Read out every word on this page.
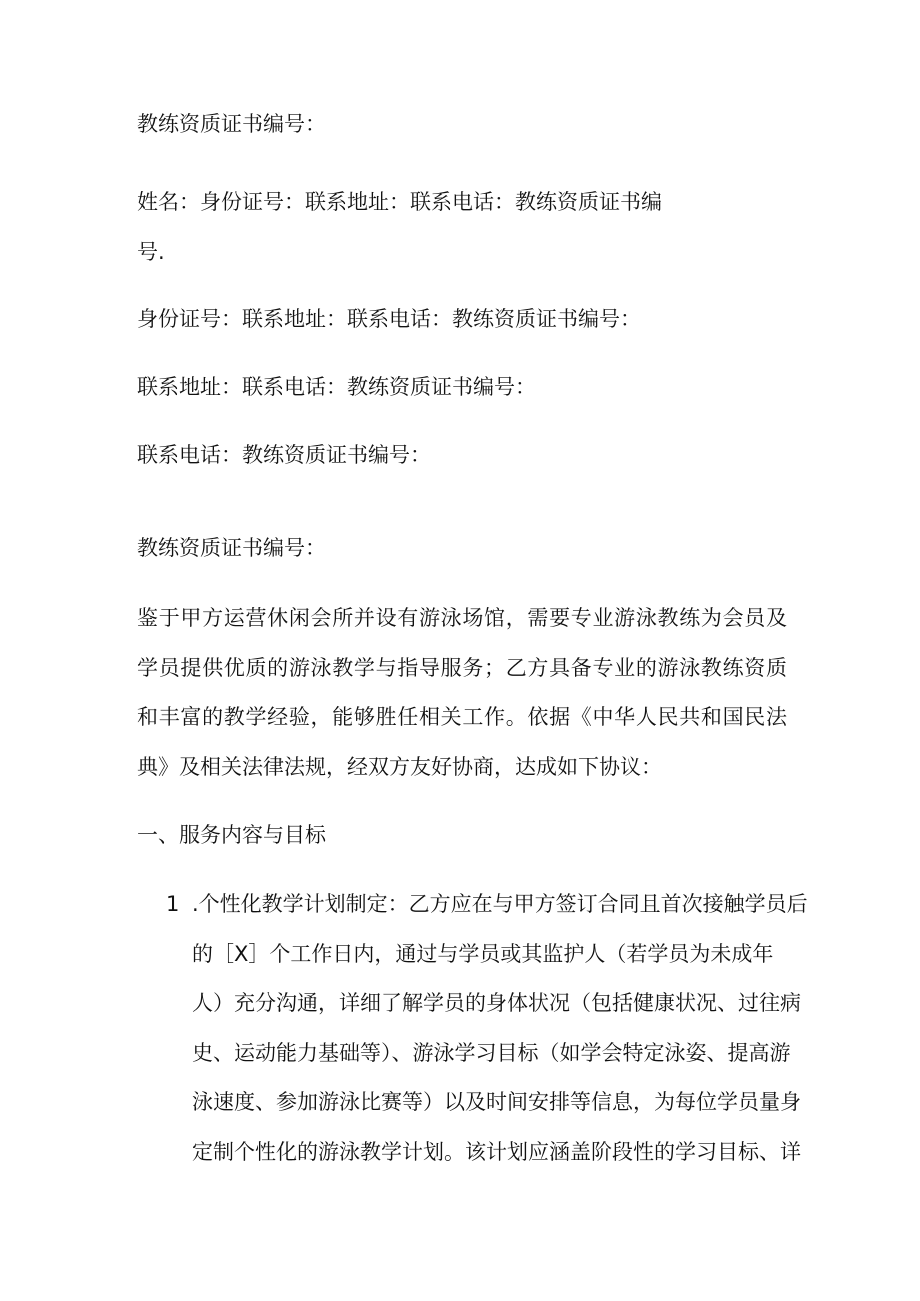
教练资质证书编号：
姓名：身份证号：联系地址：联系电话：教练资质证书编
号.
身份证号：联系地址：联系电话：教练资质证书编号：
联系地址：联系电话：教练资质证书编号：
联系电话：教练资质证书编号：
教练资质证书编号：
鉴于甲方运营休闲会所并设有游泳场馆，需要专业游泳教练为会员及学员提供优质的游泳教学与指导服务；乙方具备专业的游泳教练资质和丰富的教学经验，能够胜任相关工作。依据《中华人民共和国民法典》及相关法律法规，经双方友好协商，达成如下协议：
一、服务内容与目标
1 .个性化教学计划制定：乙方应在与甲方签订合同且首次接触学员后
的［X］个工作日内，通过与学员或其监护人（若学员为未成年
人）充分沟通，详细了解学员的身体状况（包括健康状况、过往病
史、运动能力基础等）、游泳学习目标（如学会特定泳姿、提高游
泳速度、参加游泳比赛等）以及时间安排等信息，为每位学员量身
定制个性化的游泳教学计划。该计划应涵盖阶段性的学习目标、详
